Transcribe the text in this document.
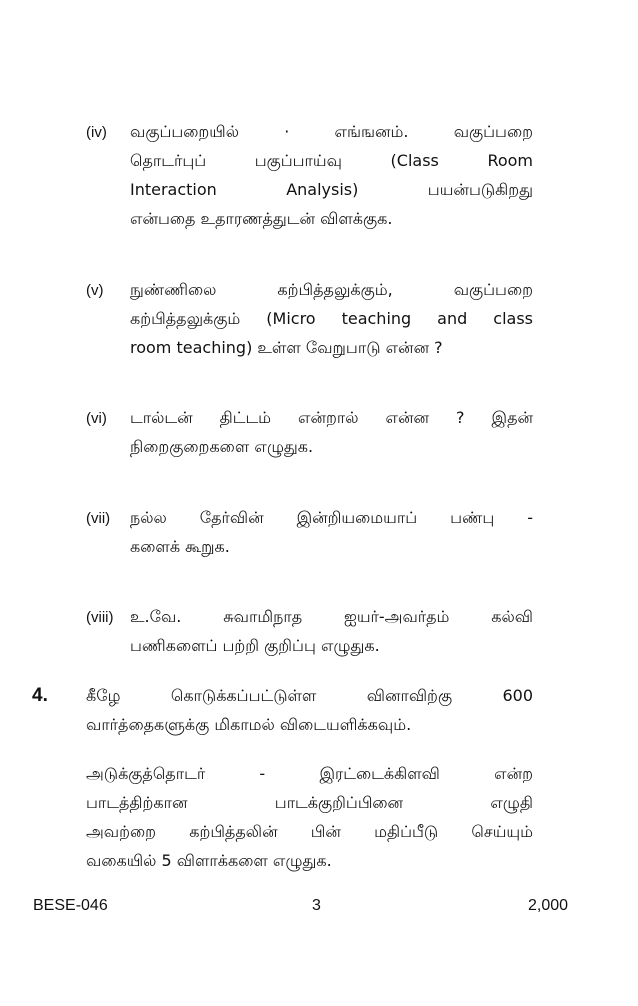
(iv) வகுப்பறையில் · எங்ஙனம். வகுப்பறை
தொடர்புப் பகுப்பாய்வு (Class Room
Interaction Analysis) பயன்படுகிறது
என்பதை உதாரணத்துடன் விளக்குக.
(v) நுண்ணிலை கற்பித்தலுக்கும், வகுப்பறை
கற்பித்தலுக்கும் (Micro teaching and class
room teaching) உள்ள வேறுபாடு என்ன ?
(vi) டால்டன் திட்டம் என்றால் என்ன ? இதன்
நிறைகுறைகளை எழுதுக.
(vii) நல்ல தேர்வின் இன்றியமையாப் பண்பு -
களைக் கூறுக.
(viii) உ.வே. சுவாமிநாத ஐயர்-அவர்தம் கல்வி
பணிகளைப் பற்றி குறிப்பு எழுதுக.
4. கீழே கொடுக்கப்பட்டுள்ள வினாவிற்கு 600
வார்த்தைகளுக்கு மிகாமல் விடையளிக்கவும்.
அடுக்குத்தொடர் - இரட்டைக்கிளவி என்ற
பாடத்திற்கான பாடக்குறிப்பினை எழுதி
அவற்றை கற்பித்தலின் பின் மதிப்பீடு செய்யும்
வகையில் 5 விளாக்களை எழுதுக.
BESE-046	3	2,000
